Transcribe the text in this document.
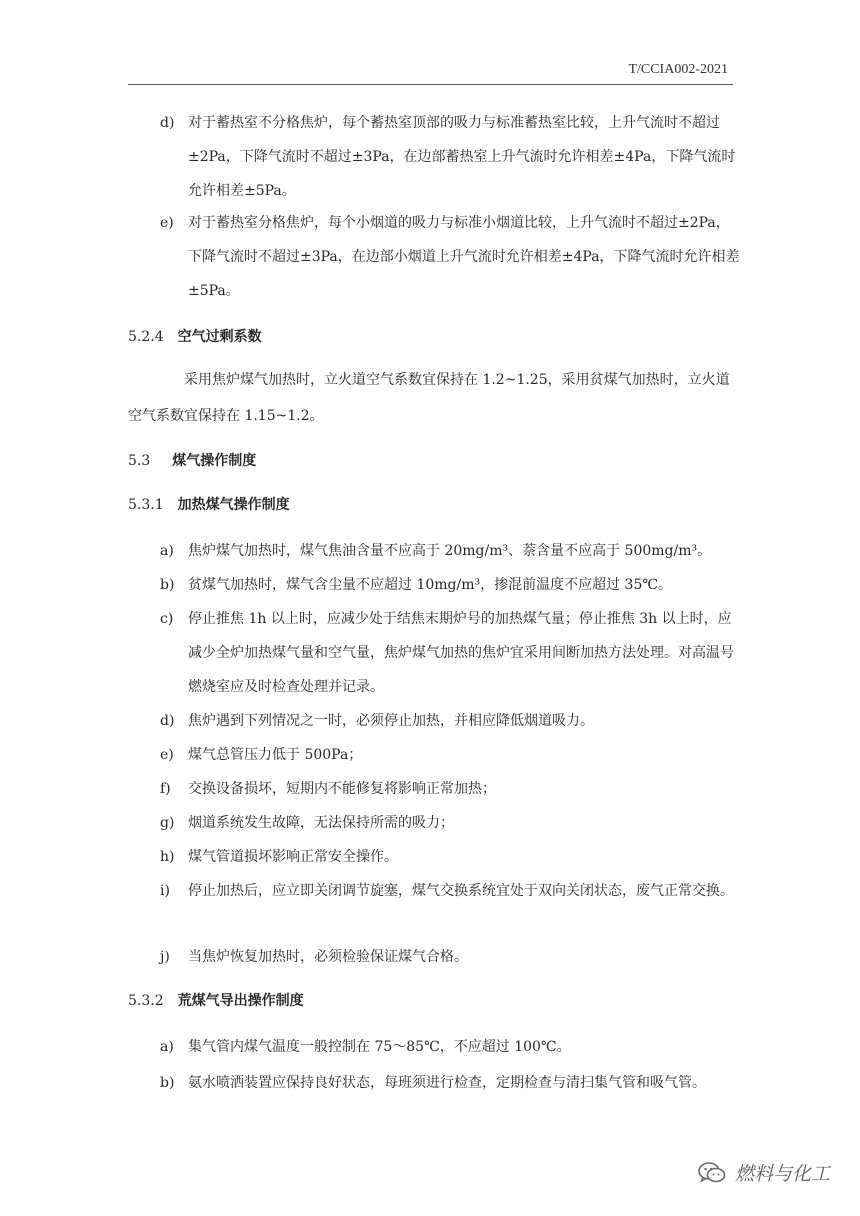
T/CCIA002-2021
d) 对于蓄热室不分格焦炉，每个蓄热室顶部的吸力与标准蓄热室比较，上升气流时不超过±2Pa，下降气流时不超过±3Pa，在边部蓄热室上升气流时允许相差±4Pa，下降气流时允许相差±5Pa。
e)	对于蓄热室分格焦炉，每个小烟道的吸力与标准小烟道比较，上升气流时不超过±2Pa，下降气流时不超过±3Pa，在边部小烟道上升气流时允许相差±4Pa，下降气流时允许相差±5Pa。
5.2.4 空气过剩系数
采用焦炉煤气加热时，立火道空气系数宜保持在 1.2~1.25，采用贫煤气加热时，立火道空气系数宜保持在 1.15~1.2。
5.3 煤气操作制度
5.3.1 加热煤气操作制度
a)	焦炉煤气加热时，煤气焦油含量不应高于 20mg/m³、萘含量不应高于 500mg/m³。
b) 贫煤气加热时，煤气含尘量不应超过 10mg/m³，掺混前温度不应超过 35℃。
c)	停止推焦 1h 以上时，应减少处于结焦末期炉号的加热煤气量；停止推焦 3h 以上时，应减少全炉加热煤气量和空气量，焦炉煤气加热的焦炉宜采用间断加热方法处理。对高温号燃烧室应及时检查处理并记录。
d) 焦炉遇到下列情况之一时，必须停止加热，并相应降低烟道吸力。
e)	煤气总管压力低于 500Pa；
f)	交换设备损坏，短期内不能修复将影响正常加热；
g) 烟道系统发生故障，无法保持所需的吸力；
h) 煤气管道损坏影响正常安全操作。
i)	停止加热后，应立即关闭调节旋塞，煤气交换系统宜处于双向关闭状态，废气正常交换。
j)	当焦炉恢复加热时，必须检验保证煤气合格。
5.3.2 荒煤气导出操作制度
a)	集气管内煤气温度一般控制在 75～85℃，不应超过 100℃。
b) 氨水喷洒装置应保持良好状态，每班须进行检查，定期检查与清扫集气管和吸气管。
燃料与化工
